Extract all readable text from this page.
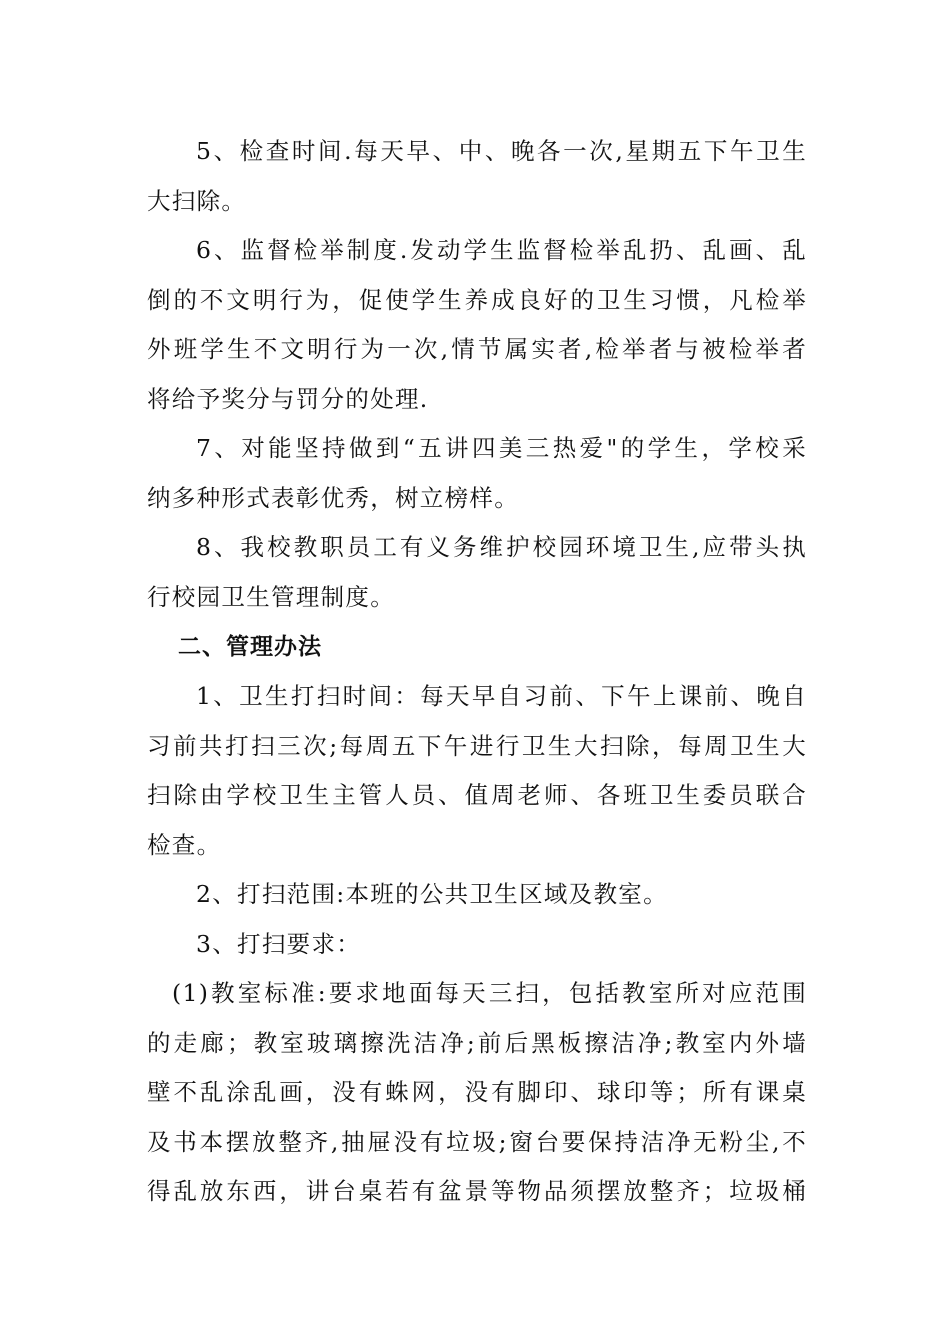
5、检查时间.每天早、中、晚各一次,星期五下午卫生
大扫除。
6、监督检举制度.发动学生监督检举乱扔、乱画、乱
倒的不文明行为，促使学生养成良好的卫生习惯，凡检举
外班学生不文明行为一次,情节属实者,检举者与被检举者
将给予奖分与罚分的处理.
7、对能坚持做到“五讲四美三热爱"的学生，学校采
纳多种形式表彰优秀，树立榜样。
8、我校教职员工有义务维护校园环境卫生,应带头执
行校园卫生管理制度。
二、管理办法
1、卫生打扫时间：每天早自习前、下午上课前、晚自
习前共打扫三次;每周五下午进行卫生大扫除，每周卫生大
扫除由学校卫生主管人员、值周老师、各班卫生委员联合
检查。
2、打扫范围:本班的公共卫生区域及教室。
3、打扫要求：
(1)教室标准:要求地面每天三扫，包括教室所对应范围
的走廊；教室玻璃擦洗洁净;前后黑板擦洁净;教室内外墙
壁不乱涂乱画，没有蛛网，没有脚印、球印等；所有课桌
及书本摆放整齐,抽屉没有垃圾;窗台要保持洁净无粉尘,不
得乱放东西，讲台桌若有盆景等物品须摆放整齐；垃圾桶
